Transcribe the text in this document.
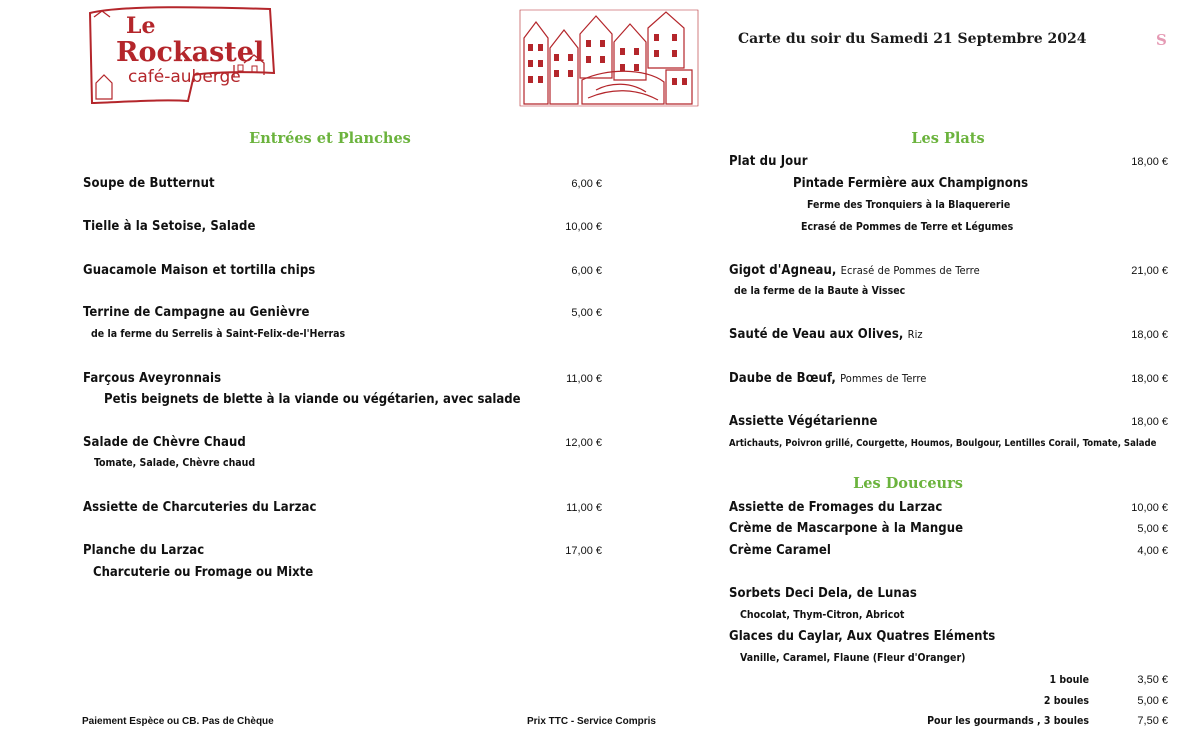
Le
Rockastel
café-auberge
Carte du soir du Samedi 21 Septembre 2024	S
Entrées et Planches
Soupe de Butternut	6,00 €
Tielle à la Setoise, Salade	10,00 €
Guacamole Maison et tortilla chips	6,00 €
Terrine de Campagne au Genièvre	5,00 €
de la ferme du Serrelis à Saint-Felix-de-l'Herras
Farçous Aveyronnais	11,00 €
Petis beignets de blette à la viande ou végétarien, avec salade
Salade de Chèvre Chaud	12,00 €
Tomate, Salade, Chèvre chaud
Assiette de Charcuteries du Larzac	11,00 €
Planche du Larzac	17,00 €
Charcuterie ou Fromage ou Mixte
Les Plats
Plat du Jour	18,00 €
Pintade Fermière aux Champignons
Ferme des Tronquiers à la Blaquererie
Ecrasé de Pommes de Terre et Légumes
Gigot d'Agneau, Ecrasé de Pommes de Terre	21,00 €
de la ferme de la Baute à Vissec
Sauté de Veau aux Olives, Riz	18,00 €
Daube de Bœuf, Pommes de Terre	18,00 €
Assiette Végétarienne	18,00 €
Artichauts, Poivron grillé, Courgette, Houmos, Boulgour, Lentilles Corail, Tomate, Salade
Les Douceurs
Assiette de Fromages du Larzac	10,00 €
Crème de Mascarpone à la Mangue	5,00 €
Crème Caramel	4,00 €
Sorbets Deci Dela, de Lunas
Chocolat, Thym-Citron, Abricot
Glaces du Caylar, Aux Quatres Eléments
Vanille, Caramel, Flaune (Fleur d'Oranger)
1 boule	3,50 €
2 boules	5,00 €
Pour les gourmands , 3 boules	7,50 €
Paiement Espèce ou CB. Pas de Chèque	Prix TTC - Service Compris
